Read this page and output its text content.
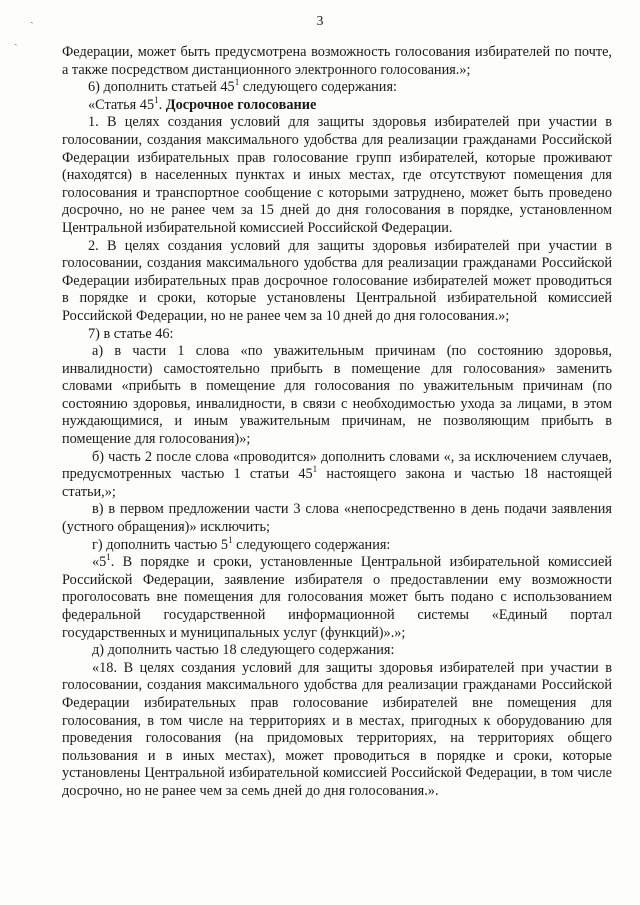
3
ˏ
ˎ

Федерации, может быть предусмотрена возможность голосования избирателей по почте, а также посредством дистанционного электронного голосования.»;

6) дополнить статьей $45^1$ следующего содержания:

«Статья $45^1$. Досрочное голосование

1. В целях создания условий для защиты здоровья избирателей при участии в голосовании, создания максимального удобства для реализации гражданами Российской Федерации избирательных прав голосование групп избирателей, которые проживают (находятся) в населенных пунктах и иных местах, где отсутствуют помещения для голосования и транспортное сообщение с которыми затруднено, может быть проведено досрочно, но не ранее чем за 15 дней до дня голосования в порядке, установленном Центральной избирательной комиссией Российской Федерации.

2. В целях создания условий для защиты здоровья избирателей при участии в голосовании, создания максимального удобства для реализации гражданами Российской Федерации избирательных прав досрочное голосование избирателей может проводиться в порядке и сроки, которые установлены Центральной избирательной комиссией Российской Федерации, но не ранее чем за 10 дней до дня голосования.»;

7) в статье 46:

а) в части 1 слова «по уважительным причинам (по состоянию здоровья, инвалидности) самостоятельно прибыть в помещение для голосования» заменить словами «прибыть в помещение для голосования по уважительным причинам (по состоянию здоровья, инвалидности, в связи с необходимостью ухода за лицами, в этом нуждающимися, и иным уважительным причинам, не позволяющим прибыть в помещение для голосования)»;

б) часть 2 после слова «проводится» дополнить словами «, за исключением случаев, предусмотренных частью 1 статьи $45^1$ настоящего закона и частью 18 настоящей статьи,»;

в) в первом предложении части 3 слова «непосредственно в день подачи заявления (устного обращения)» исключить;

г) дополнить частью $5^1$ следующего содержания:

«$5^1$. В порядке и сроки, установленные Центральной избирательной комиссией Российской Федерации, заявление избирателя о предоставлении ему возможности проголосовать вне помещения для голосования может быть подано с использованием федеральной государственной информационной системы «Единый портал государственных и муниципальных услуг (функций)».»;

д) дополнить частью 18 следующего содержания:

«18. В целях создания условий для защиты здоровья избирателей при участии в голосовании, создания максимального удобства для реализации гражданами Российской Федерации избирательных прав голосование избирателей вне помещения для голосования, в том числе на территориях и в местах, пригодных к оборудованию для проведения голосования (на придомовых территориях, на территориях общего пользования и в иных местах), может проводиться в порядке и сроки, которые установлены Центральной избирательной комиссией Российской Федерации, в том числе досрочно, но не ранее чем за семь дней до дня голосования.».
